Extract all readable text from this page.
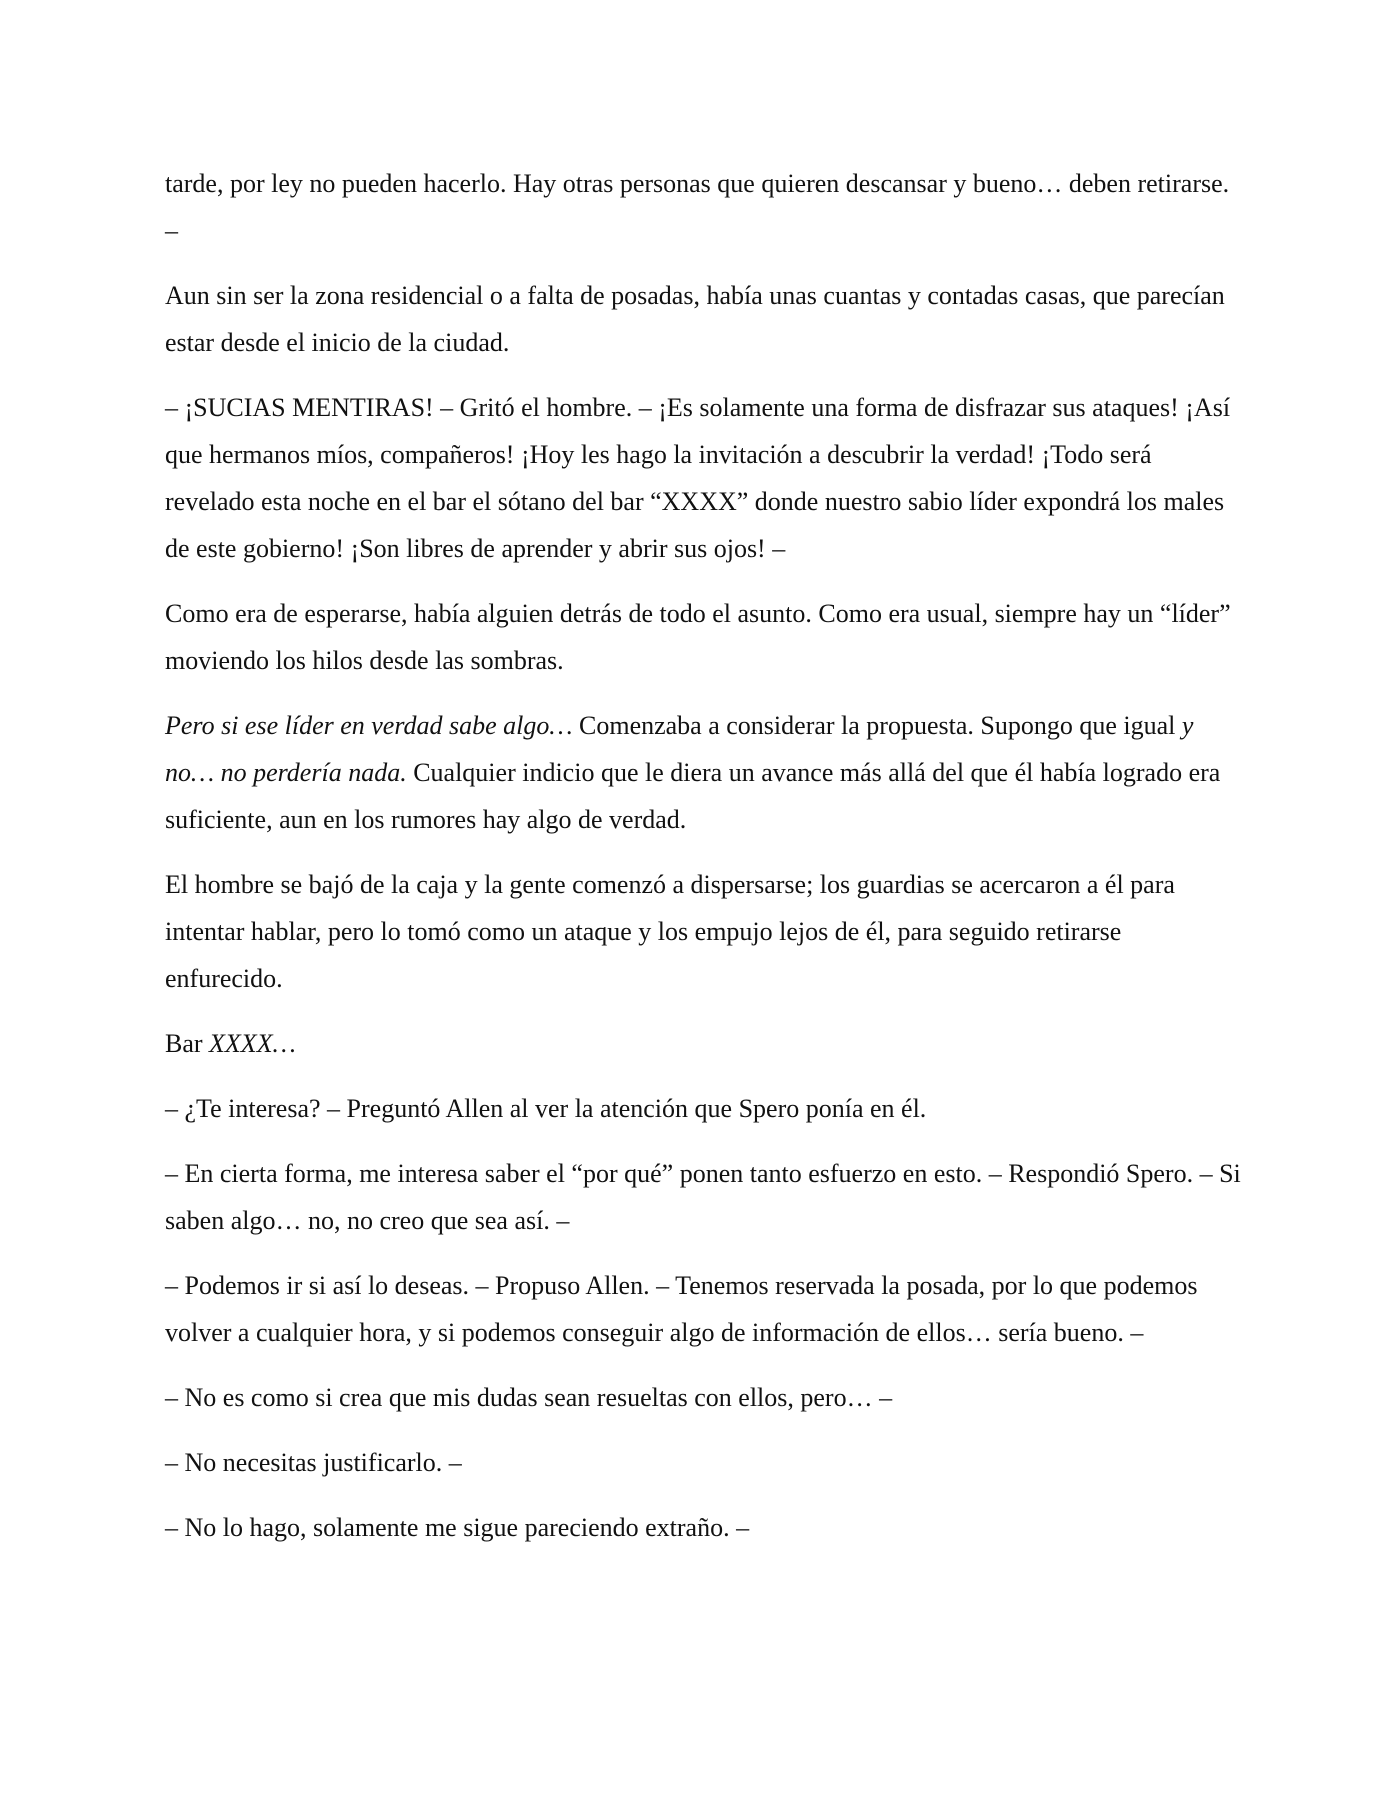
tarde, por ley no pueden hacerlo. Hay otras personas que quieren descansar y bueno… deben retirarse. –

Aun sin ser la zona residencial o a falta de posadas, había unas cuantas y contadas casas, que parecían estar desde el inicio de la ciudad.

– ¡SUCIAS MENTIRAS! – Gritó el hombre. – ¡Es solamente una forma de disfrazar sus ataques! ¡Así que hermanos míos, compañeros! ¡Hoy les hago la invitación a descubrir la verdad! ¡Todo será revelado esta noche en el bar el sótano del bar “XXXX” donde nuestro sabio líder expondrá los males de este gobierno! ¡Son libres de aprender y abrir sus ojos! –

Como era de esperarse, había alguien detrás de todo el asunto. Como era usual, siempre hay un “líder” moviendo los hilos desde las sombras.

Pero si ese líder en verdad sabe algo… Comenzaba a considerar la propuesta. Supongo que igual y no… no perdería nada. Cualquier indicio que le diera un avance más allá del que él había logrado era suficiente, aun en los rumores hay algo de verdad.

El hombre se bajó de la caja y la gente comenzó a dispersarse; los guardias se acercaron a él para intentar hablar, pero lo tomó como un ataque y los empujo lejos de él, para seguido retirarse enfurecido.

Bar XXXX…

– ¿Te interesa? – Preguntó Allen al ver la atención que Spero ponía en él.

– En cierta forma, me interesa saber el “por qué” ponen tanto esfuerzo en esto. – Respondió Spero. – Si saben algo… no, no creo que sea así. –

– Podemos ir si así lo deseas. – Propuso Allen. – Tenemos reservada la posada, por lo que podemos volver a cualquier hora, y si podemos conseguir algo de información de ellos… sería bueno. –

– No es como si crea que mis dudas sean resueltas con ellos, pero… –

– No necesitas justificarlo. –

– No lo hago, solamente me sigue pareciendo extraño. –
